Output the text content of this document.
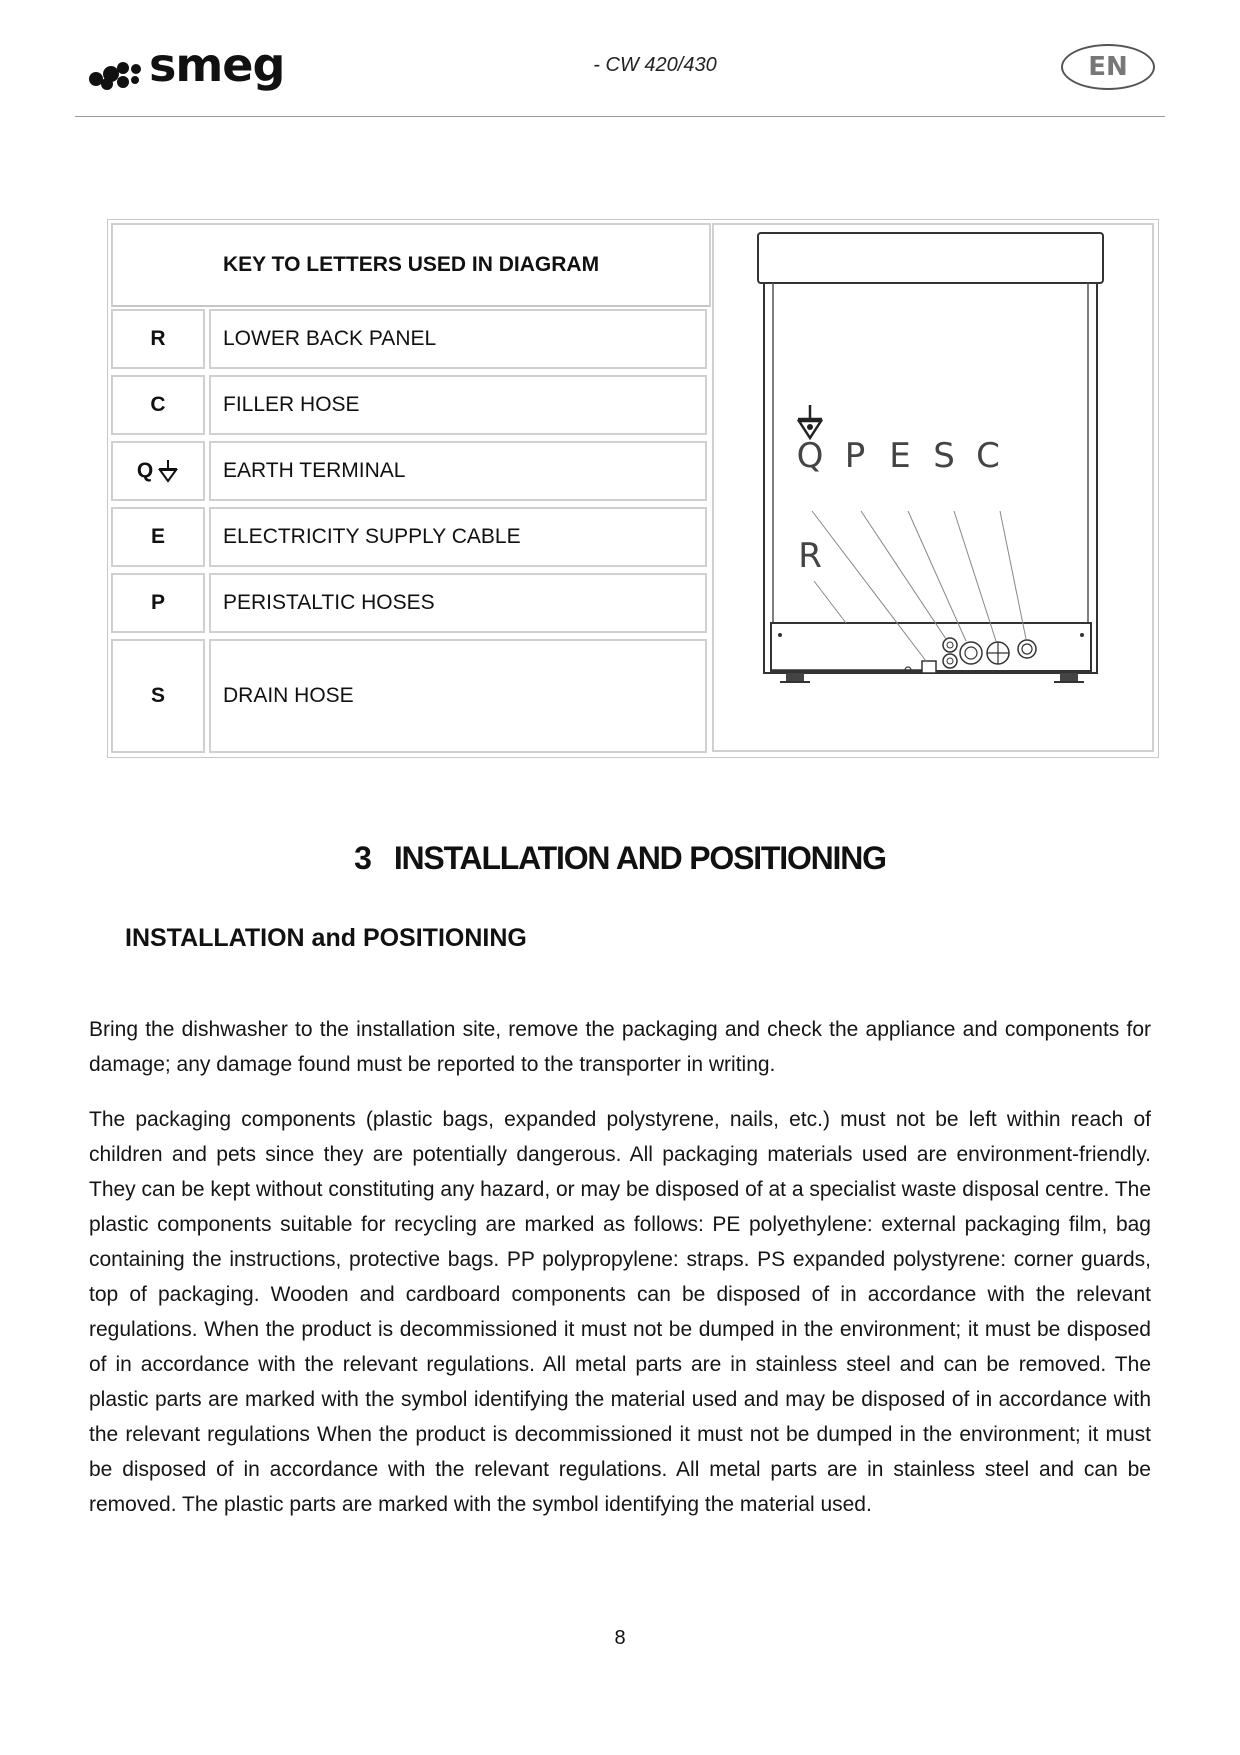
smeg	- CW 420/430	EN
KEY TO LETTERS USED IN DIAGRAM
R	LOWER BACK PANEL
C	FILLER HOSE
Q	EARTH TERMINAL
E	ELECTRICITY SUPPLY CABLE
P	PERISTALTIC HOSES
S	DRAIN HOSE
Q P E S C
R
3   INSTALLATION AND POSITIONING
INSTALLATION and POSITIONING
Bring the dishwasher to the installation site, remove the packaging and check the appliance and components for damage; any damage found must be reported to the transporter in writing.
The packaging components (plastic bags, expanded polystyrene, nails, etc.) must not be left within reach of children and pets since they are potentially dangerous. All packaging materials used are environment-friendly. They can be kept without constituting any hazard, or may be disposed of at a specialist waste disposal centre. The plastic components suitable for recycling are marked as follows: PE polyethylene: external packaging film, bag containing the instructions, protective bags. PP polypropylene: straps. PS expanded polystyrene: corner guards, top of packaging. Wooden and cardboard components can be disposed of in accordance with the relevant regulations. When the product is decommissioned it must not be dumped in the environment; it must be disposed of in accordance with the relevant regulations. All metal parts are in stainless steel and can be removed. The plastic parts are marked with the symbol identifying the material used and may be disposed of in accordance with the relevant regulations When the product is decommissioned it must not be dumped in the environment; it must be disposed of in accordance with the relevant regulations. All metal parts are in stainless steel and can be removed. The plastic parts are marked with the symbol identifying the material used.
8
